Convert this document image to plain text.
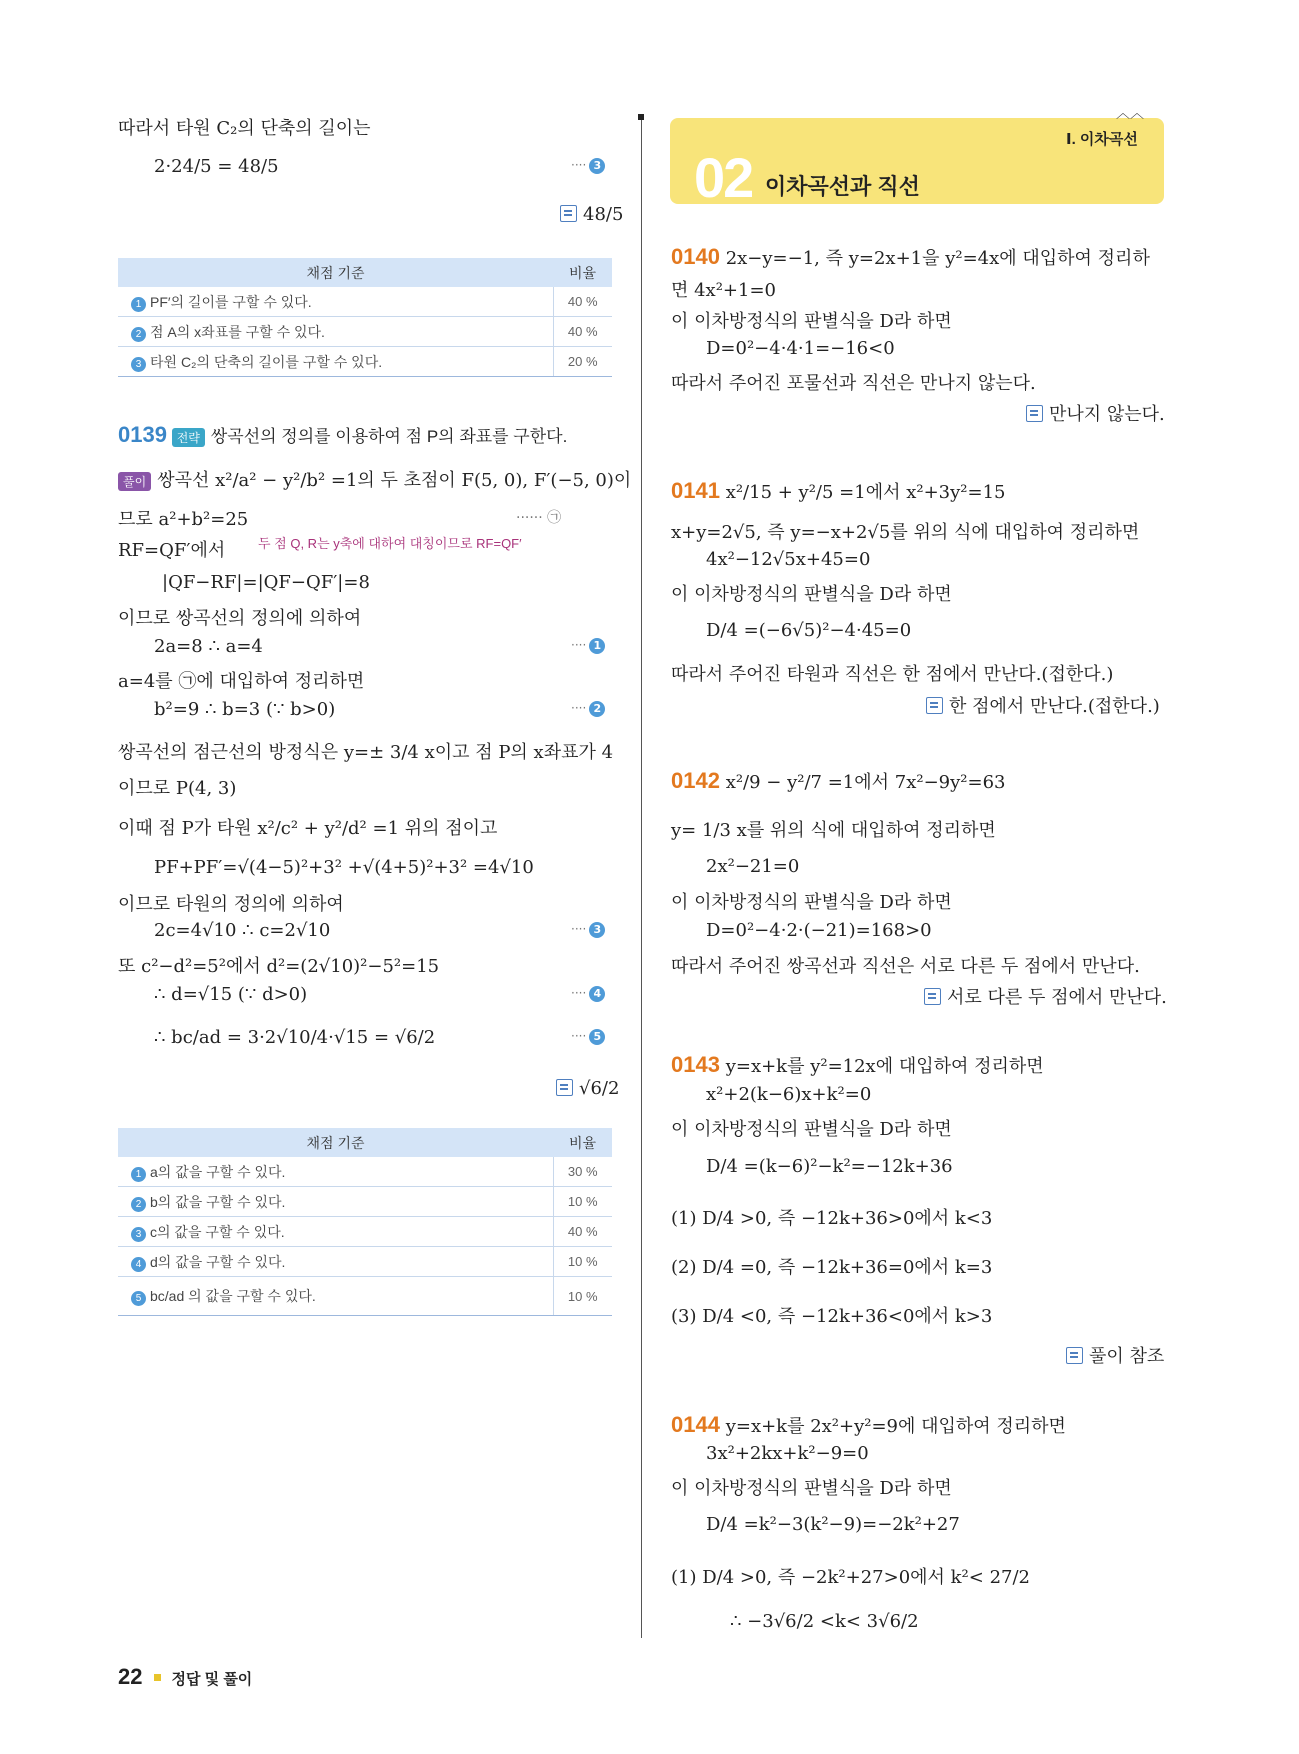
따라서 타원 C₂의 단축의 길이는
2·24/5 = 48/5	···· 3
48/5
채점 기준	비율
1 PF′의 길이를 구할 수 있다.	40 %
2 점 A의 x좌표를 구할 수 있다.	40 %
3 타원 C₂의 단축의 길이를 구할 수 있다.	20 %
0139 전략 쌍곡선의 정의를 이용하여 점 P의 좌표를 구한다.
풀이 쌍곡선 x²/a² − y²/b² =1의 두 초점이 F(5, 0), F′(−5, 0)이
므로 a²+b²=25	······ ㉠
RF=QF′에서	두 점 Q, R는 y축에 대하여 대칭이므로 RF=QF′
|QF−RF|=|QF−QF′|=8
이므로 쌍곡선의 정의에 의하여
2a=8 ∴ a=4	···· 1
a=4를 ㉠에 대입하여 정리하면
b²=9 ∴ b=3 (∵ b>0)	···· 2
쌍곡선의 점근선의 방정식은 y=± 3/4 x이고 점 P의 x좌표가 4
이므로 P(4, 3)
이때 점 P가 타원 x²/c² + y²/d² =1 위의 점이고
PF+PF′=√(4−5)²+3² +√(4+5)²+3² =4√10
이므로 타원의 정의에 의하여
2c=4√10 ∴ c=2√10	···· 3
또 c²−d²=5²에서 d²=(2√10)²−5²=15
∴ d=√15 (∵ d>0)	···· 4
∴ bc/ad = 3·2√10/4·√15 = √6/2	···· 5
√6/2
채점 기준	비율
1 a의 값을 구할 수 있다.	30 %
2 b의 값을 구할 수 있다.	10 %
3 c의 값을 구할 수 있다.	40 %
4 d의 값을 구할 수 있다.	10 %
5 bc/ad 의 값을 구할 수 있다.	10 %
22 정답 및 풀이
︿︿
Ⅰ. 이차곡선
02 이차곡선과 직선
0140 2x−y=−1, 즉 y=2x+1을 y²=4x에 대입하여 정리하
면 4x²+1=0
이 이차방정식의 판별식을 D라 하면
D=0²−4·4·1=−16<0
따라서 주어진 포물선과 직선은 만나지 않는다.
만나지 않는다.
0141 x²/15 + y²/5 =1에서 x²+3y²=15
x+y=2√5, 즉 y=−x+2√5를 위의 식에 대입하여 정리하면
4x²−12√5x+45=0
이 이차방정식의 판별식을 D라 하면
D/4 =(−6√5)²−4·45=0
따라서 주어진 타원과 직선은 한 점에서 만난다.(접한다.)
한 점에서 만난다.(접한다.)
0142 x²/9 − y²/7 =1에서 7x²−9y²=63
y= 1/3 x를 위의 식에 대입하여 정리하면
2x²−21=0
이 이차방정식의 판별식을 D라 하면
D=0²−4·2·(−21)=168>0
따라서 주어진 쌍곡선과 직선은 서로 다른 두 점에서 만난다.
서로 다른 두 점에서 만난다.
0143 y=x+k를 y²=12x에 대입하여 정리하면
x²+2(k−6)x+k²=0
이 이차방정식의 판별식을 D라 하면
D/4 =(k−6)²−k²=−12k+36
(1) D/4 >0, 즉 −12k+36>0에서 k<3
(2) D/4 =0, 즉 −12k+36=0에서 k=3
(3) D/4 <0, 즉 −12k+36<0에서 k>3
풀이 참조
0144 y=x+k를 2x²+y²=9에 대입하여 정리하면
3x²+2kx+k²−9=0
이 이차방정식의 판별식을 D라 하면
D/4 =k²−3(k²−9)=−2k²+27
(1) D/4 >0, 즉 −2k²+27>0에서 k²< 27/2
∴ −3√6/2 <k< 3√6/2
